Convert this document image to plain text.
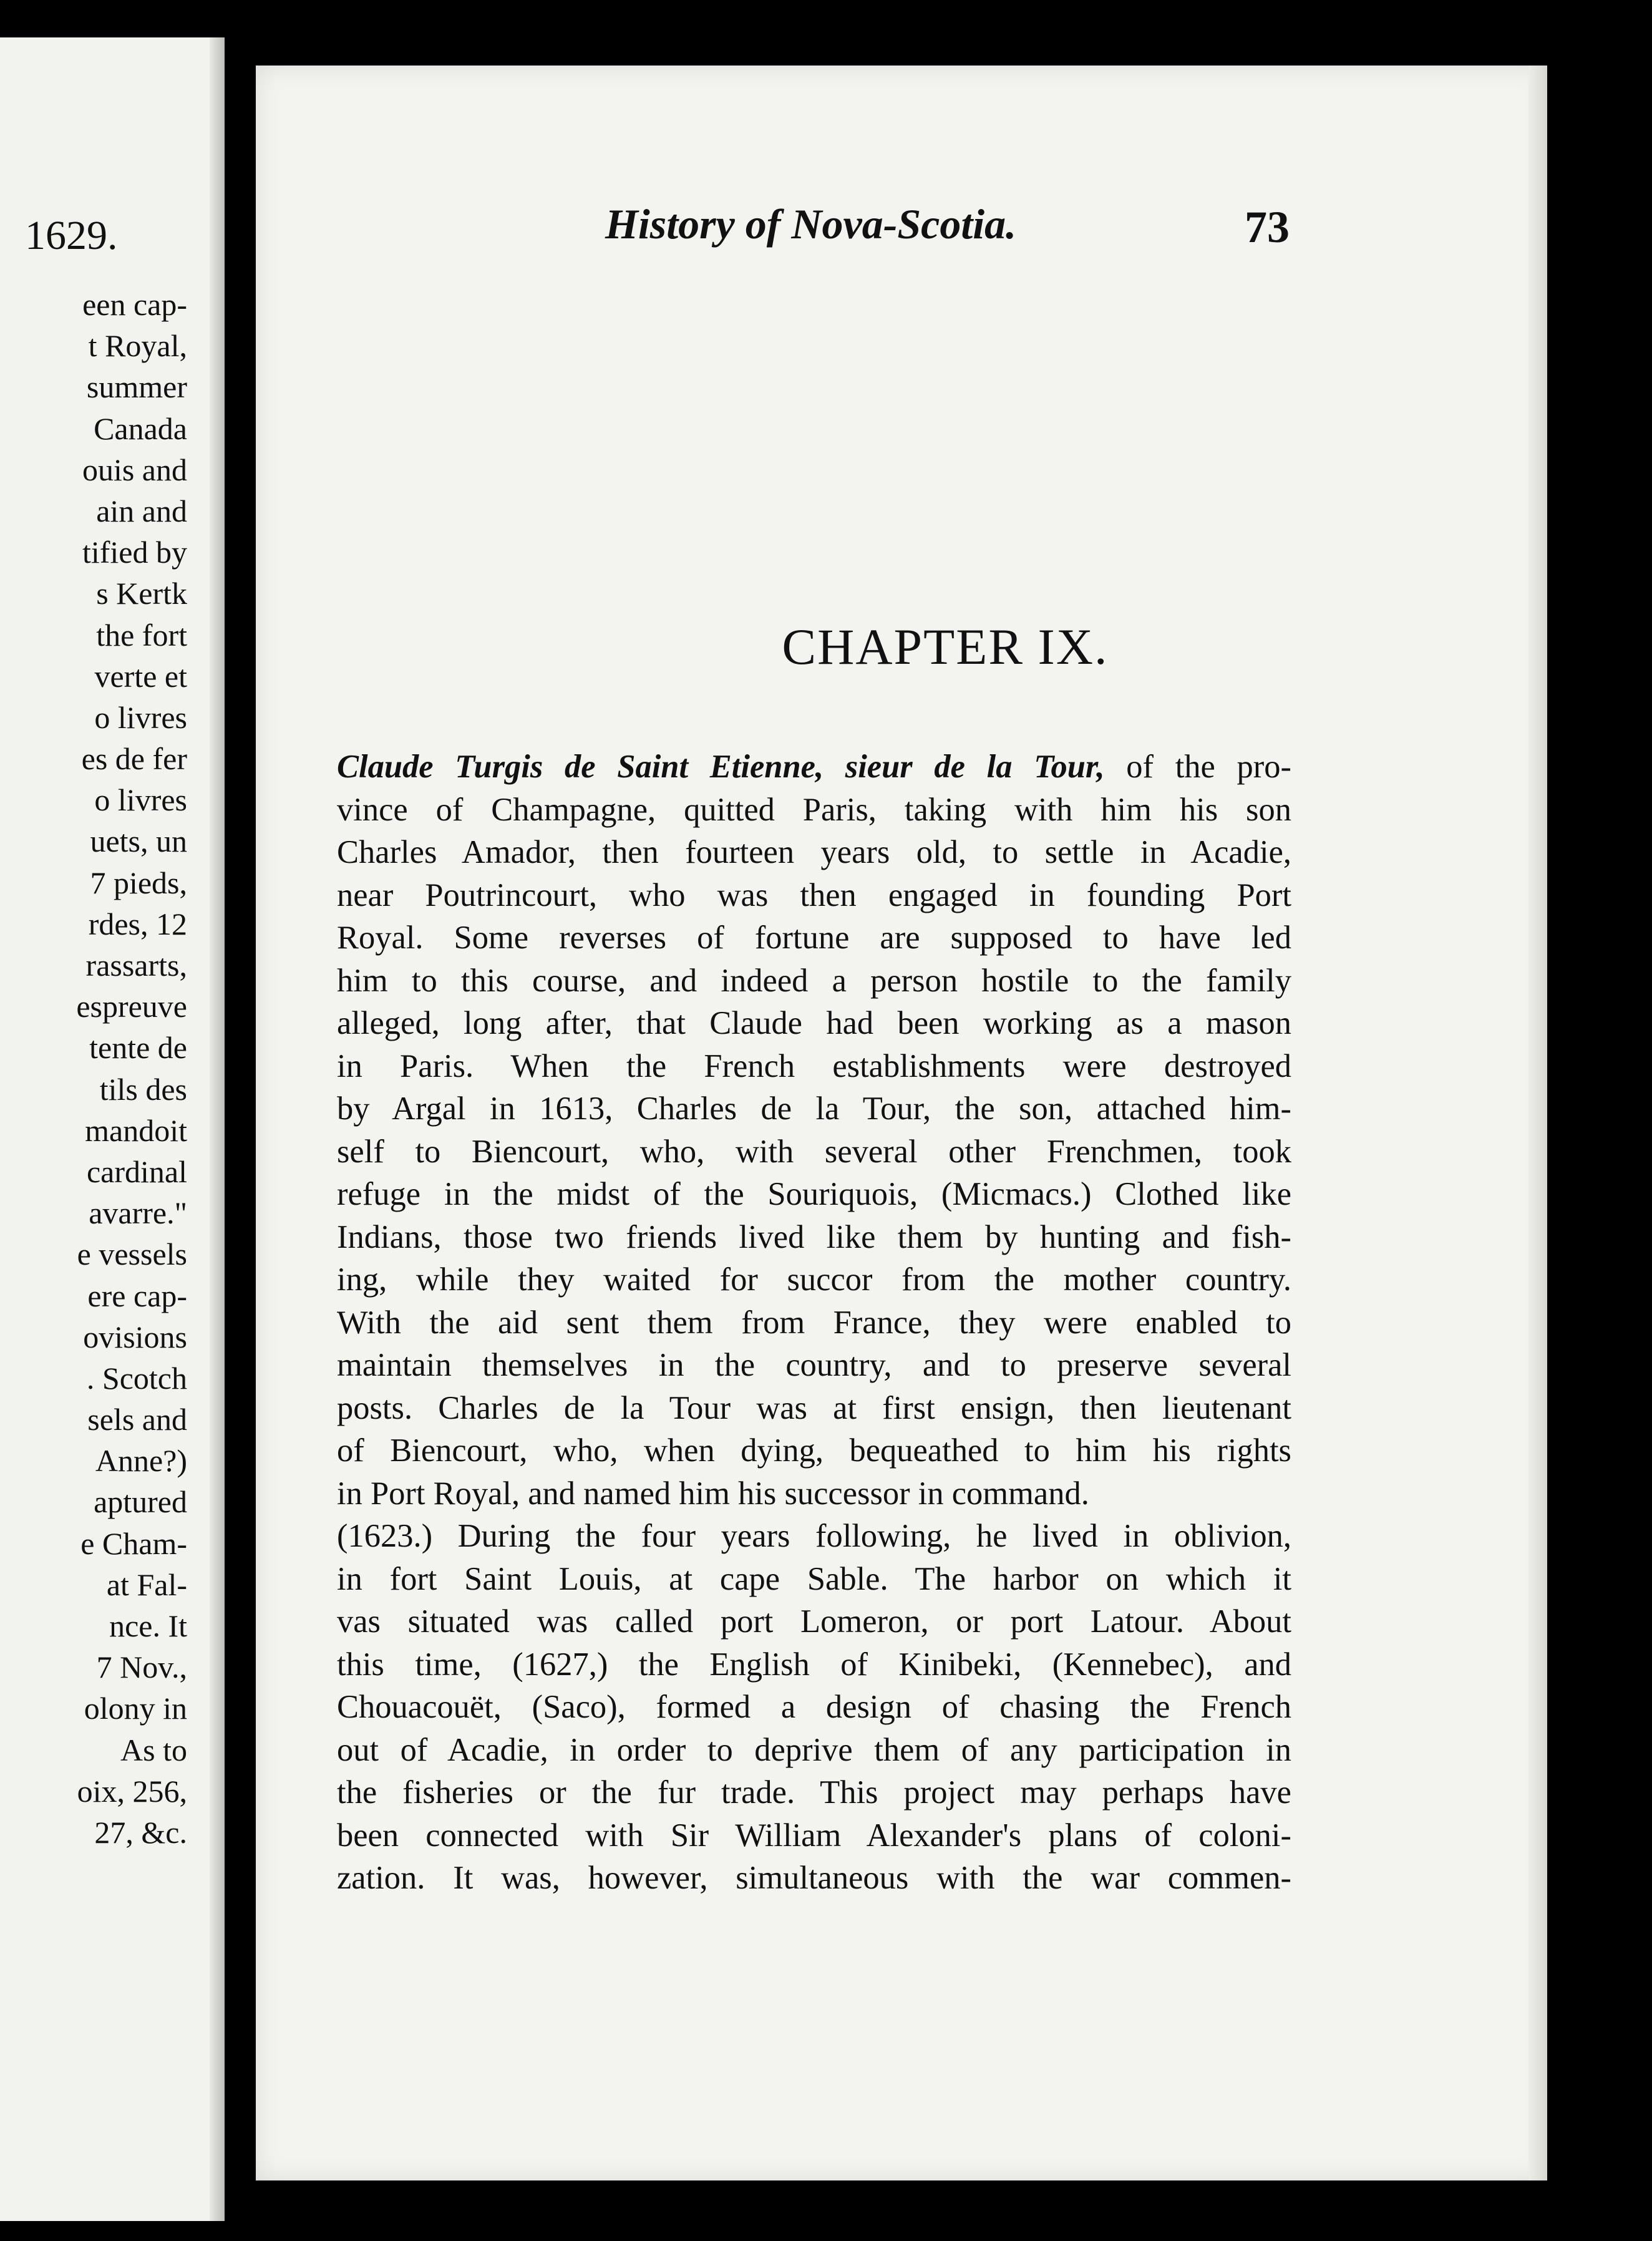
1629.
een cap-
t Royal,
summer
Canada
ouis and
ain and
tified by
s Kertk
the fort
verte et
o livres
es de fer
o livres
uets, un
7 pieds,
rdes, 12
rassarts,
espreuve
tente de
tils des
mandoit
cardinal
avarre."
e vessels
ere cap-
ovisions
. Scotch
sels and
Anne?)
aptured
e Cham-
at Fal-
nce. It
7 Nov.,
olony in
As to
oix, 256,
27, &c.
History of Nova-Scotia.	73
CHAPTER IX.
Claude Turgis de Saint Etienne, sieur de la Tour, of the pro-
vince of Champagne, quitted Paris, taking with him his son
Charles Amador, then fourteen years old, to settle in Acadie,
near Poutrincourt, who was then engaged in founding Port
Royal. Some reverses of fortune are supposed to have led
him to this course, and indeed a person hostile to the family
alleged, long after, that Claude had been working as a mason
in Paris. When the French establishments were destroyed
by Argal in 1613, Charles de la Tour, the son, attached him-
self to Biencourt, who, with several other Frenchmen, took
refuge in the midst of the Souriquois, (Micmacs.) Clothed like
Indians, those two friends lived like them by hunting and fish-
ing, while they waited for succor from the mother country.
With the aid sent them from France, they were enabled to
maintain themselves in the country, and to preserve several
posts. Charles de la Tour was at first ensign, then lieutenant
of Biencourt, who, when dying, bequeathed to him his rights
in Port Royal, and named him his successor in command.
(1623.) During the four years following, he lived in oblivion,
in fort Saint Louis, at cape Sable. The harbor on which it
vas situated was called port Lomeron, or port Latour. About
this time, (1627,) the English of Kinibeki, (Kennebec), and
Chouacouët, (Saco), formed a design of chasing the French
out of Acadie, in order to deprive them of any participation in
the fisheries or the fur trade. This project may perhaps have
been connected with Sir William Alexander's plans of coloni-
zation. It was, however, simultaneous with the war commen-
